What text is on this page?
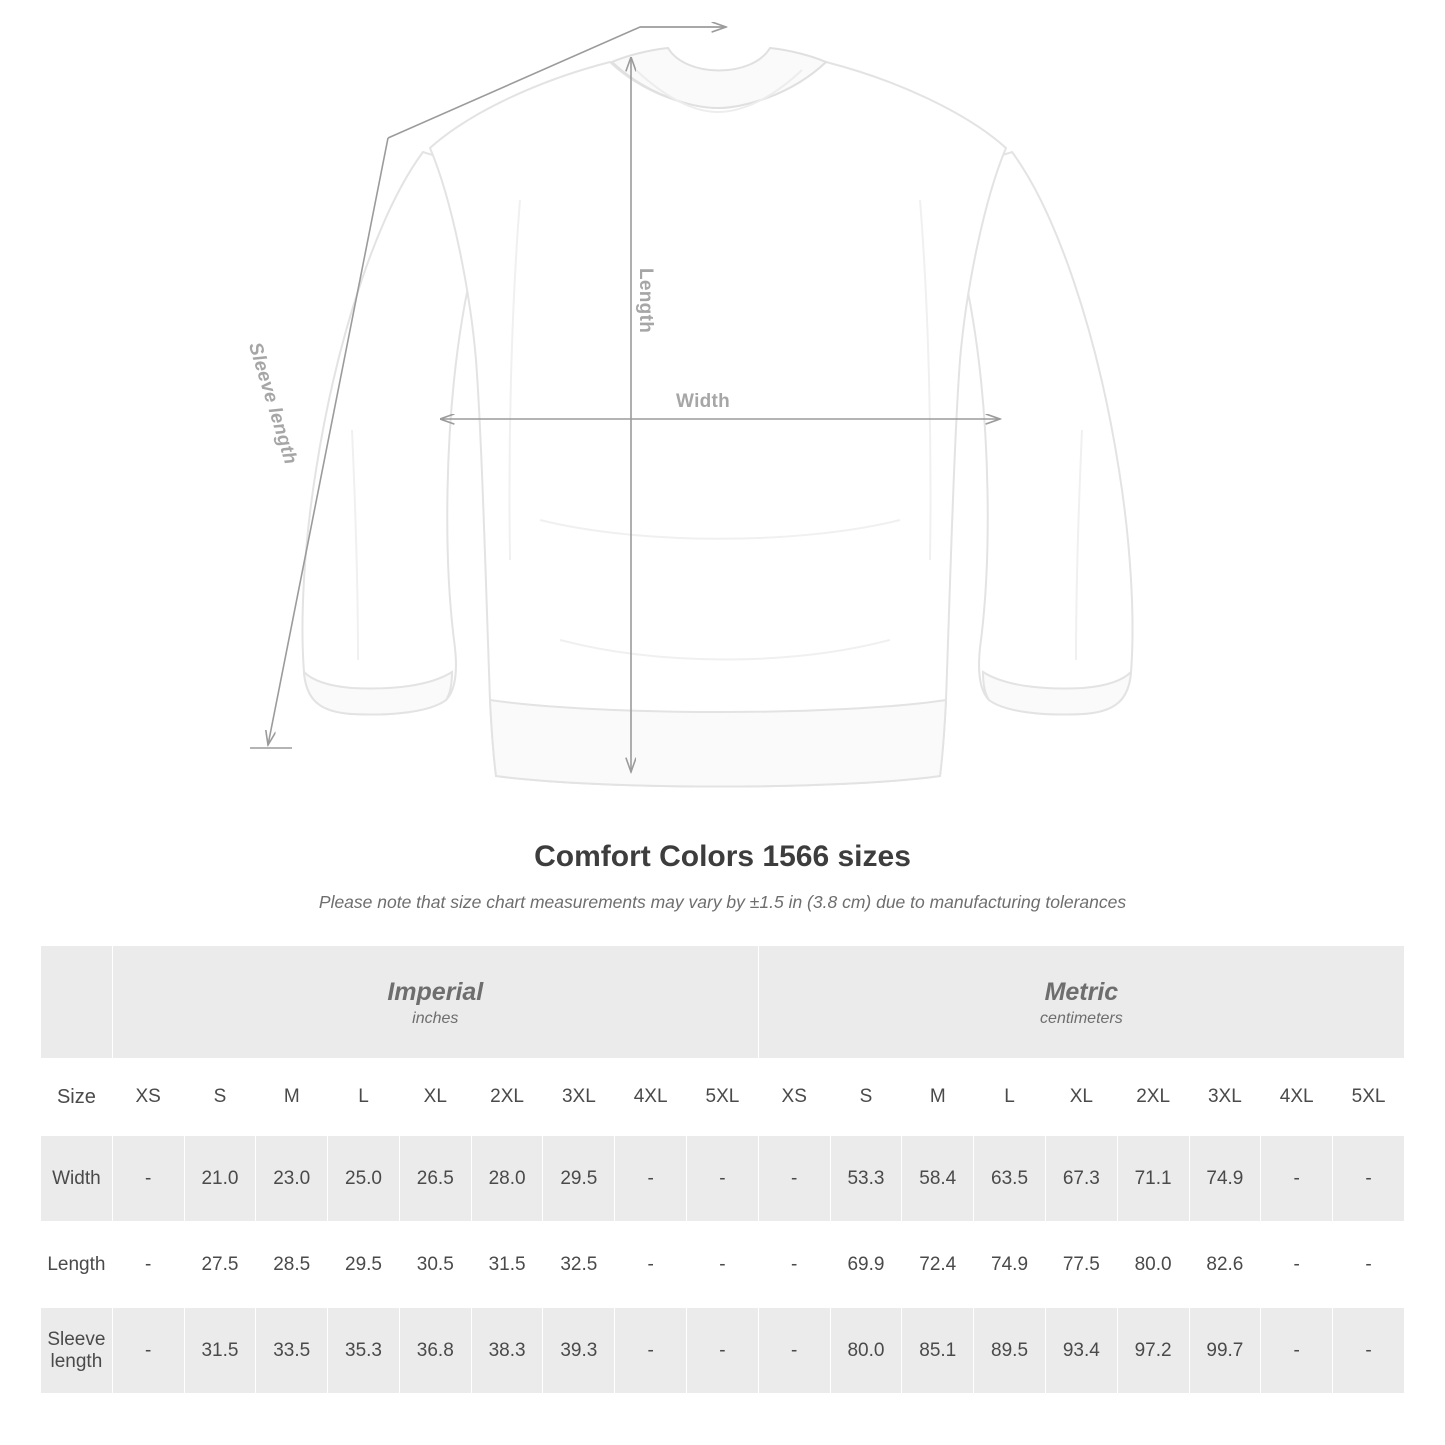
Width
Length
Sleeve length
Comfort Colors 1566 sizes
Please note that size chart measurements may vary by ±1.5 in (3.8 cm) due to manufacturing tolerances

Imperial
inches

Metric
centimeters

Size	XS	S	M	L	XL	2XL	3XL	4XL	5XL	XS	S	M	L	XL	2XL	3XL	4XL	5XL
Width	-	21.0	23.0	25.0	26.5	28.0	29.5	-	-	-	53.3	58.4	63.5	67.3	71.1	74.9	-	-
Length	-	27.5	28.5	29.5	30.5	31.5	32.5	-	-	-	69.9	72.4	74.9	77.5	80.0	82.6	-	-
Sleeve length	-	31.5	33.5	35.3	36.8	38.3	39.3	-	-	-	80.0	85.1	89.5	93.4	97.2	99.7	-	-
